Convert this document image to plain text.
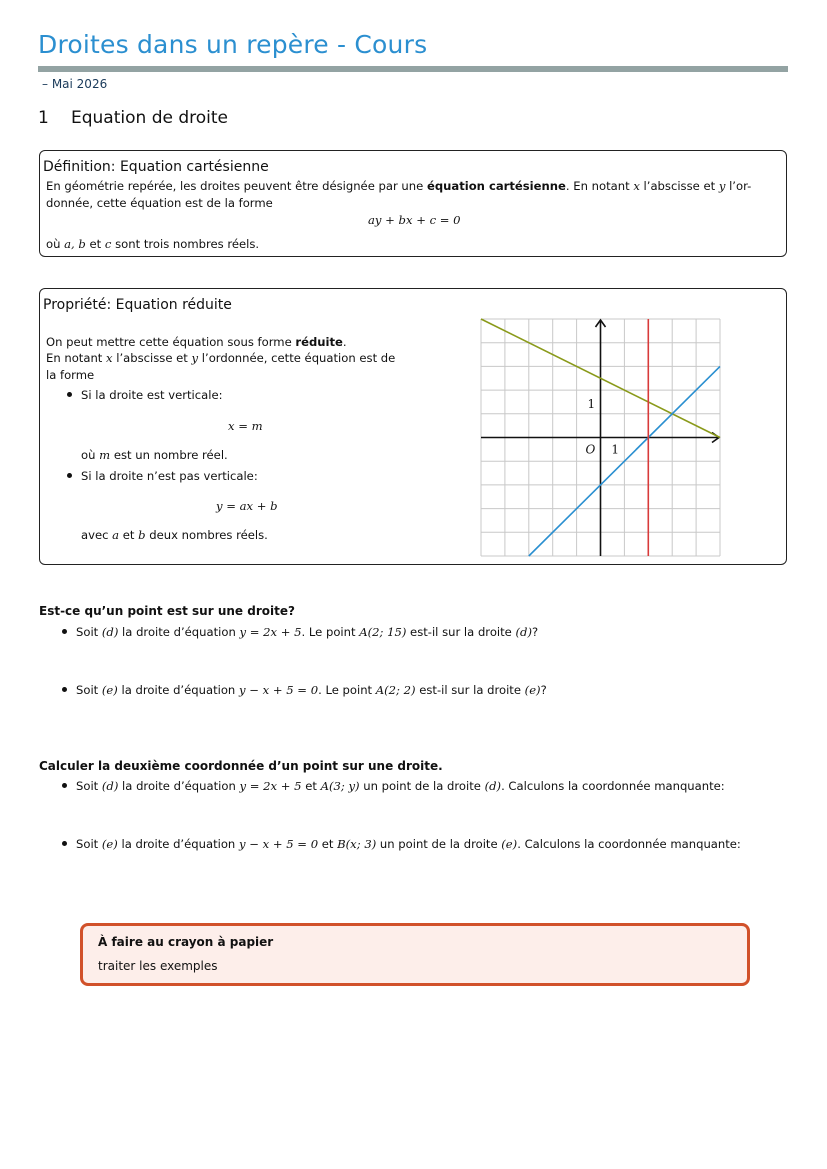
Droites dans un repère - Cours
– Mai 2026
1 Equation de droite
Définition: Equation cartésienne
En géométrie repérée, les droites peuvent être désignée par une équation cartésienne. En notant x l’abscisse et y l’or-
donnée, cette équation est de la forme
ay + bx + c = 0
où a, b et c sont trois nombres réels.
Propriété: Equation réduite
On peut mettre cette équation sous forme réduite.
En notant x l’abscisse et y l’ordonnée, cette équation est de
la forme
Si la droite est verticale:
x = m
où m est un nombre réel.
Si la droite n’est pas verticale:
y = ax + b
avec a et b deux nombres réels.
O 1
1
Est-ce qu’un point est sur une droite?
Soit (d) la droite d’équation y = 2x + 5. Le point A(2; 15) est-il sur la droite (d)?
Soit (e) la droite d’équation y − x + 5 = 0. Le point A(2; 2) est-il sur la droite (e)?
Calculer la deuxième coordonnée d’un point sur une droite.
Soit (d) la droite d’équation y = 2x + 5 et A(3; y) un point de la droite (d). Calculons la coordonnée manquante:
Soit (e) la droite d’équation y − x + 5 = 0 et B(x; 3) un point de la droite (e). Calculons la coordonnée manquante:
À faire au crayon à papier
traiter les exemples
